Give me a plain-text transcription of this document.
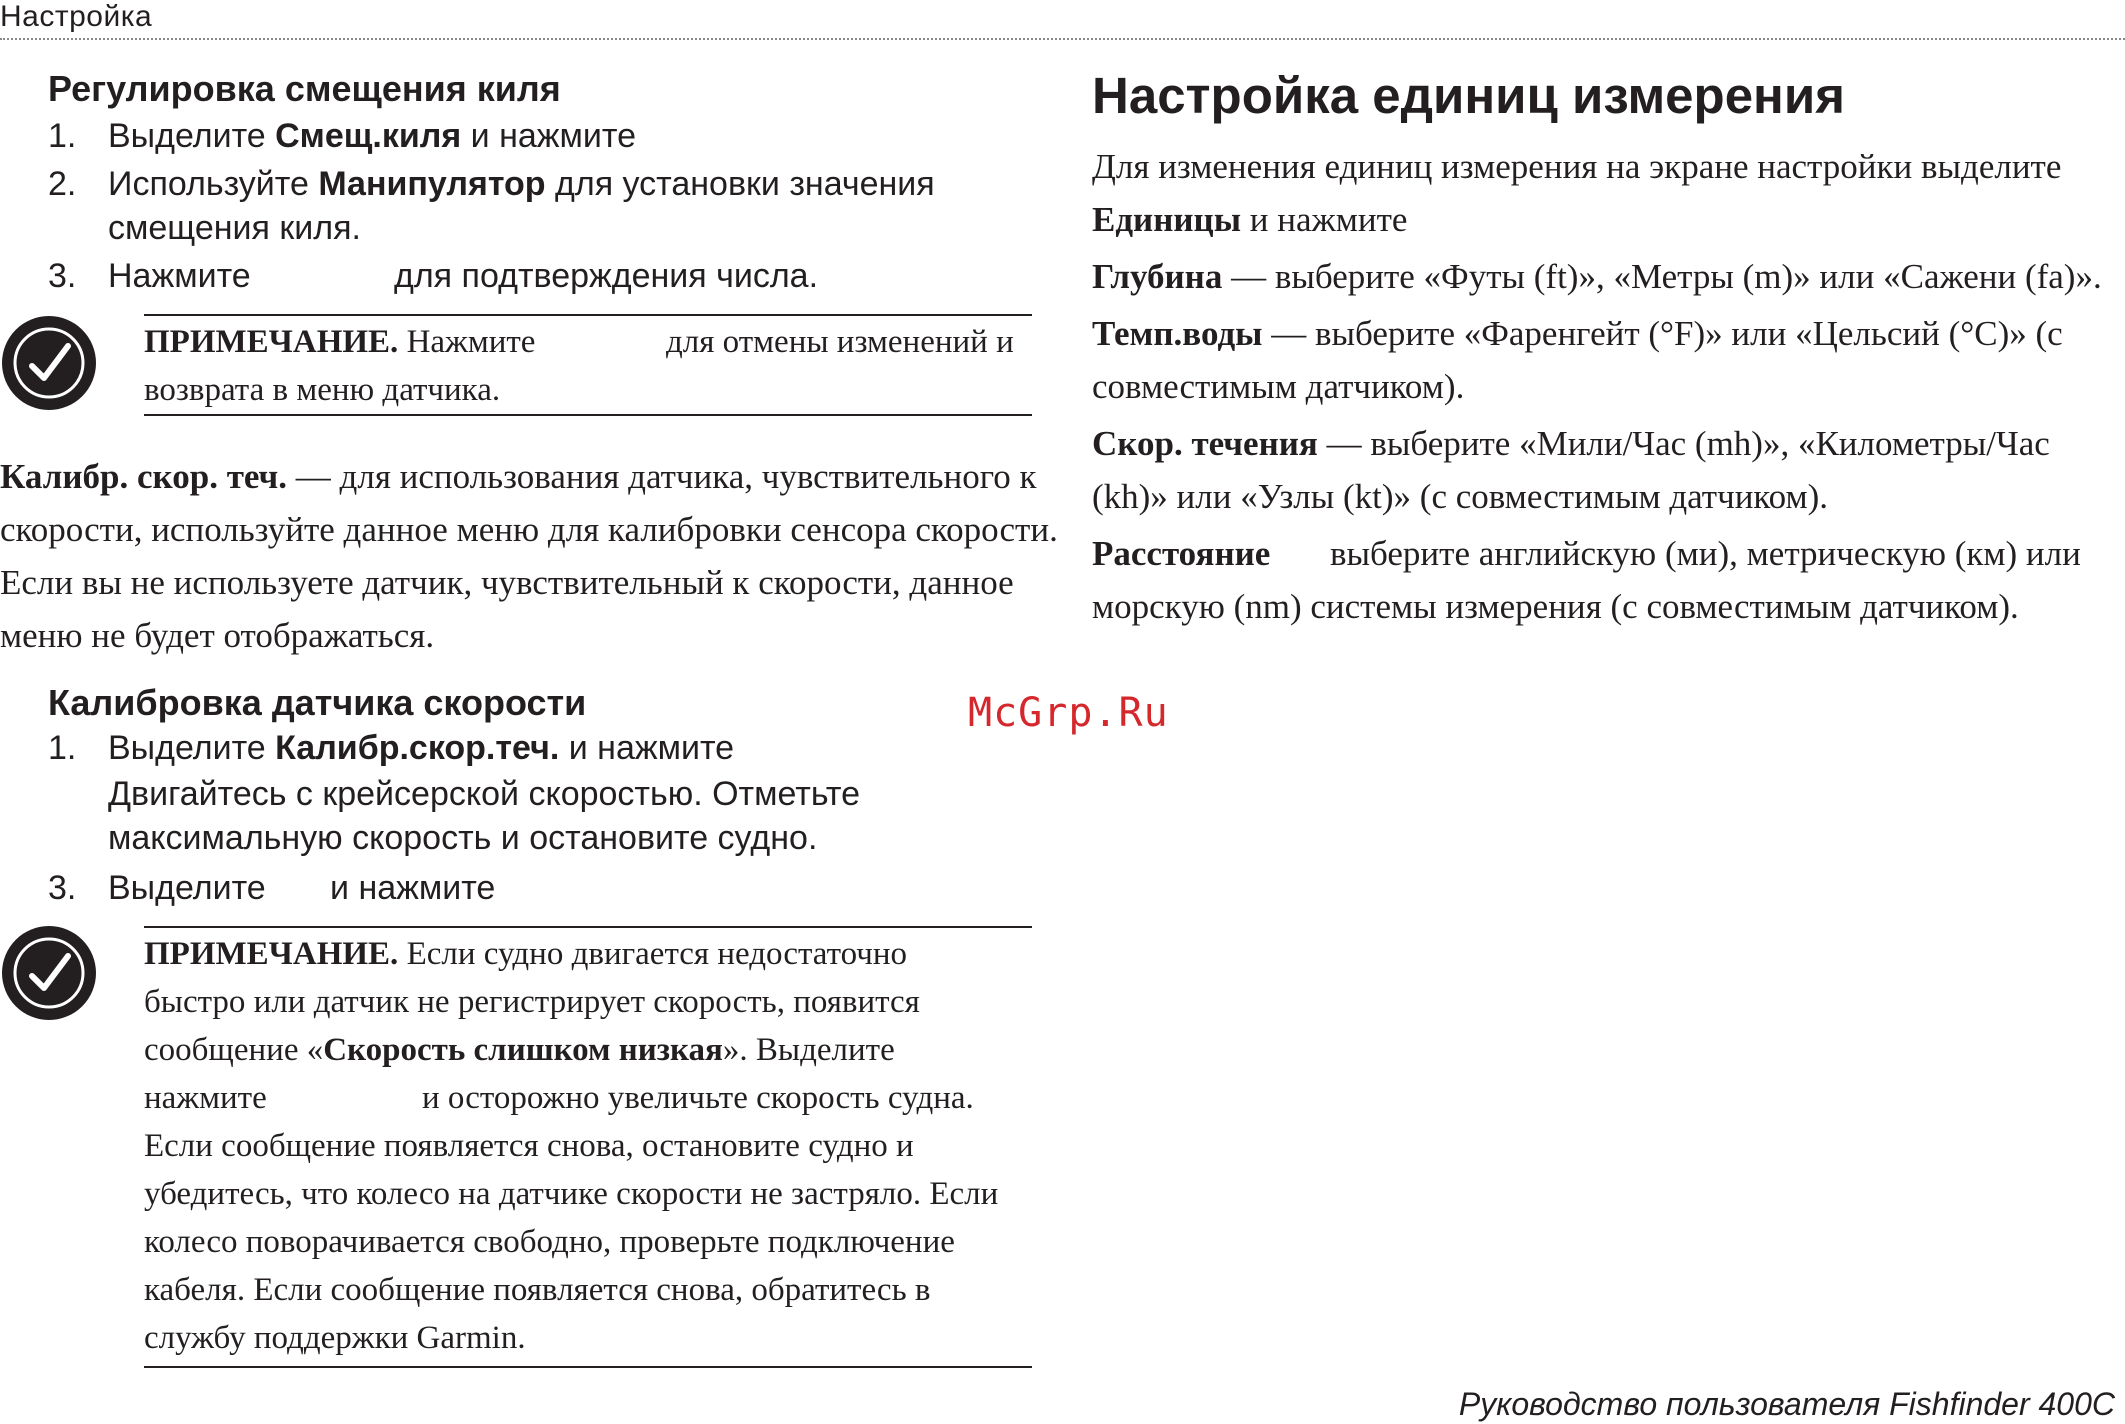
Настройка
Регулировка смещения киля
1. Выделите Смещ.киля и нажмите
2. Используйте Манипулятор для установки значения
смещения киля.
3. Нажмите	для подтверждения числа.
ПРИМЕЧАНИЕ. Нажмите	для отмены изменений и
возврата в меню датчика.
Калибр. скор. теч. — для использования датчика, чувствительного к
скорости, используйте данное меню для калибровки сенсора скорости.
Если вы не используете датчик, чувствительный к скорости, данное
меню не будет отображаться.
Калибровка датчика скорости
1. Выделите Калибр.скор.теч. и нажмите
Двигайтесь с крейсерской скоростью. Отметьте
максимальную скорость и остановите судно.
3. Выделите и нажмите
ПРИМЕЧАНИЕ. Если судно двигается недостаточно
быстро или датчик не регистрирует скорость, появится
сообщение «Скорость слишком низкая». Выделите
нажмите	и осторожно увеличьте скорость судна.
Если сообщение появляется снова, остановите судно и
убедитесь, что колесо на датчике скорости не застряло. Если
колесо поворачивается свободно, проверьте подключение
кабеля. Если сообщение появляется снова, обратитесь в
службу поддержки Garmin.
Настройка единиц измерения
Для изменения единиц измерения на экране настройки выделите
Единицы и нажмите
Глубина — выберите «Футы (ft)», «Метры (m)» или «Сажени (fa)».
Темп.воды — выберите «Фаренгейт (°F)» или «Цельсий (°C)» (с
совместимым датчиком).
Скор. течения — выберите «Мили/Час (mh)», «Километры/Час
(kh)» или «Узлы (kt)» (с совместимым датчиком).
Расстояние выберите английскую (ми), метрическую (км) или
морскую (nm) системы измерения (с совместимым датчиком).
McGrp.Ru
Руководство пользователя Fishfinder 400C
